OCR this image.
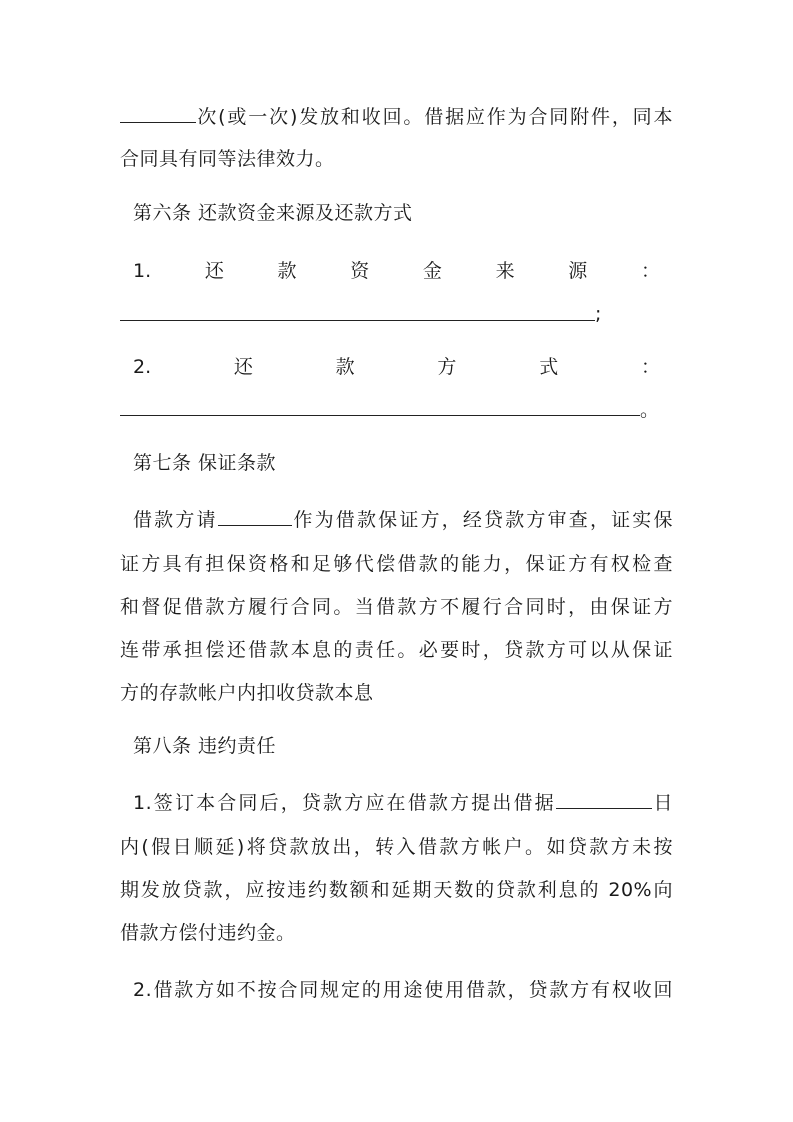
次(或一次)发放和收回。借据应作为合同附件，同本
合同具有同等法律效力。
第六条 还款资金来源及还款方式
1.	还	款	资	金	来	源	：
;
2.	还	款	方	式	：
。
第七条 保证条款
借款方请	作为借款保证方，经贷款方审查，证实保
证方具有担保资格和足够代偿借款的能力，保证方有权检查
和督促借款方履行合同。当借款方不履行合同时，由保证方
连带承担偿还借款本息的责任。必要时，贷款方可以从保证
方的存款帐户内扣收贷款本息
第八条 违约责任
1.签订本合同后，贷款方应在借款方提出借据	日
内(假日顺延)将贷款放出，转入借款方帐户。如贷款方未按
期发放贷款，应按违约数额和延期天数的贷款利息的 20%向
借款方偿付违约金。
2.借款方如不按合同规定的用途使用借款，贷款方有权收回
